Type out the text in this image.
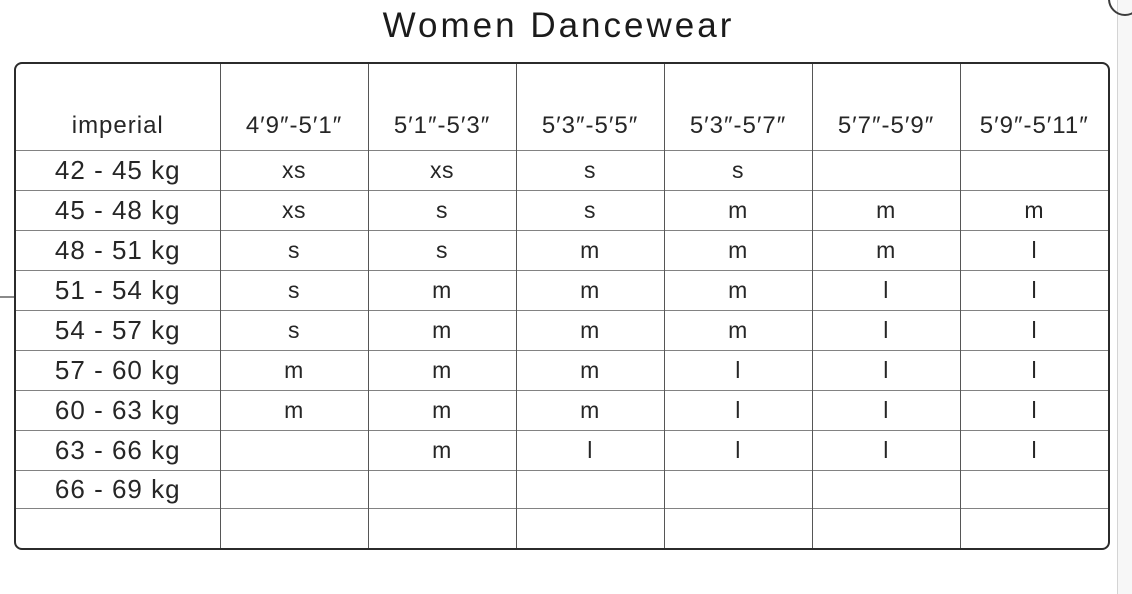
Women Dancewear
imperial	4′9″-5′1″	5′1″-5′3″	5′3″-5′5″	5′3″-5′7″	5′7″-5′9″	5′9″-5′11″
42 - 45 kg	xs	xs	s	s		
45 - 48 kg	xs	s	s	m	m	m
48 - 51 kg	s	s	m	m	m	l
51 - 54 kg	s	m	m	m	l	l
54 - 57 kg	s	m	m	m	l	l
57 - 60 kg	m	m	m	l	l	l
60 - 63 kg	m	m	m	l	l	l
63 - 66 kg		m	l	l	l	l
66 - 69 kg						
